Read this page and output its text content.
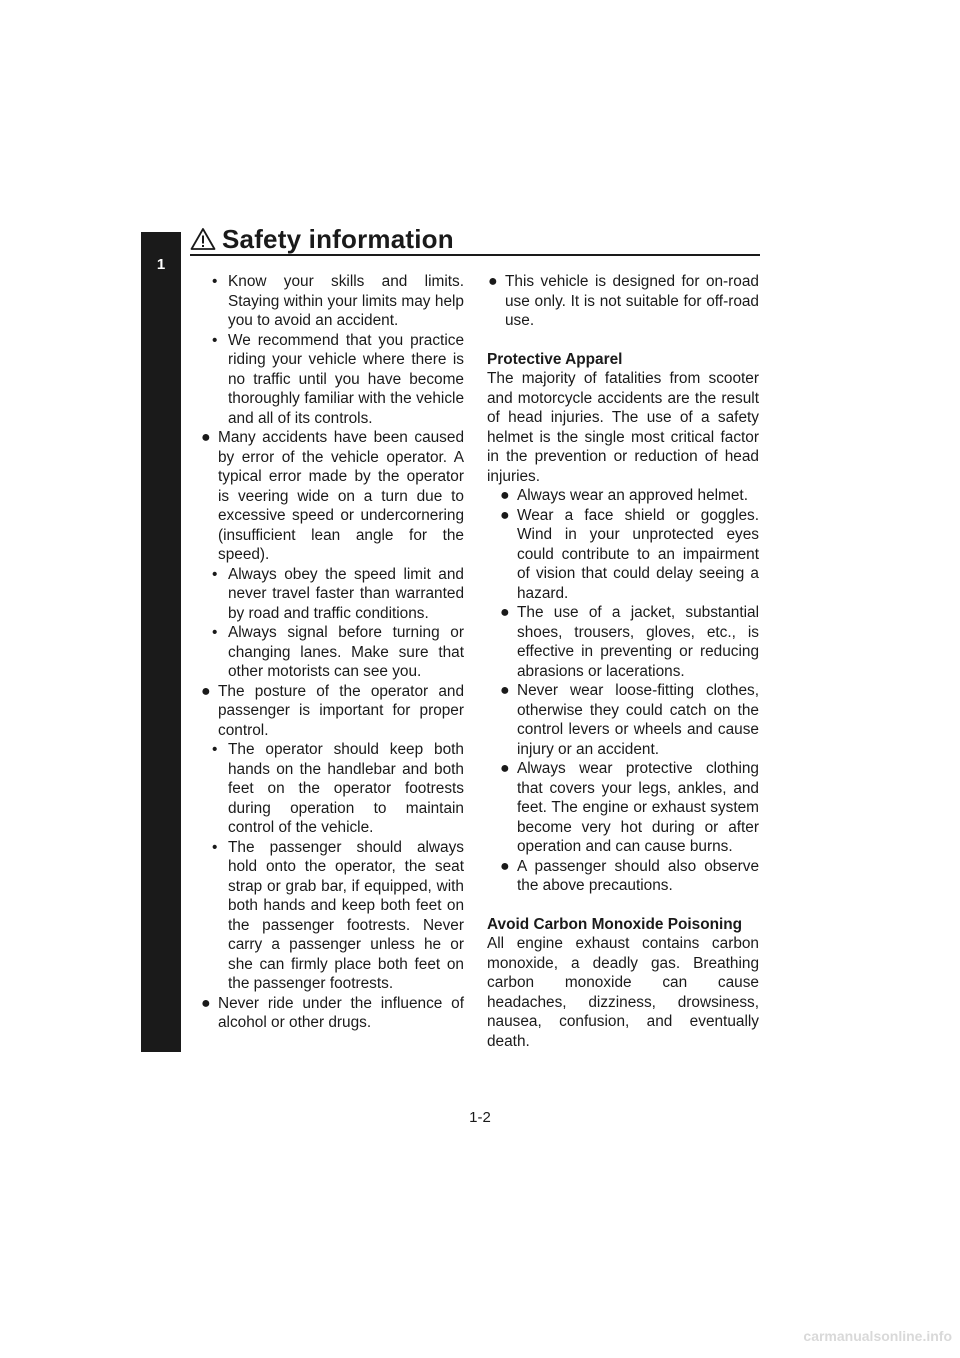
Safety information
1
• Know your skills and limits. Staying within your limits may help you to avoid an accident.
• We recommend that you practice riding your vehicle where there is no traffic until you have become thoroughly familiar with the vehicle and all of its controls.
● Many accidents have been caused by error of the vehicle operator. A typical error made by the operator is veering wide on a turn due to excessive speed or undercornering (insufficient lean angle for the speed).
• Always obey the speed limit and never travel faster than warranted by road and traffic conditions.
• Always signal before turning or changing lanes. Make sure that other motorists can see you.
● The posture of the operator and passenger is important for proper control.
• The operator should keep both hands on the handlebar and both feet on the operator footrests during operation to maintain control of the vehicle.
• The passenger should always hold onto the operator, the seat strap or grab bar, if equipped, with both hands and keep both feet on the passenger footrests. Never carry a passenger unless he or she can firmly place both feet on the passenger footrests.
● Never ride under the influence of alcohol or other drugs.
● This vehicle is designed for on-road use only. It is not suitable for off-road use.
Protective Apparel
The majority of fatalities from scooter and motorcycle accidents are the result of head injuries. The use of a safety helmet is the single most critical factor in the prevention or reduction of head injuries.
● Always wear an approved helmet.
● Wear a face shield or goggles. Wind in your unprotected eyes could contribute to an impairment of vision that could delay seeing a hazard.
● The use of a jacket, substantial shoes, trousers, gloves, etc., is effective in preventing or reducing abrasions or lacerations.
● Never wear loose-fitting clothes, otherwise they could catch on the control levers or wheels and cause injury or an accident.
● Always wear protective clothing that covers your legs, ankles, and feet. The engine or exhaust system become very hot during or after operation and can cause burns.
● A passenger should also observe the above precautions.
Avoid Carbon Monoxide Poisoning
All engine exhaust contains carbon monoxide, a deadly gas. Breathing carbon monoxide can cause headaches, dizziness, drowsiness, nausea, confusion, and eventually death.
1-2
carmanualsonline.info
